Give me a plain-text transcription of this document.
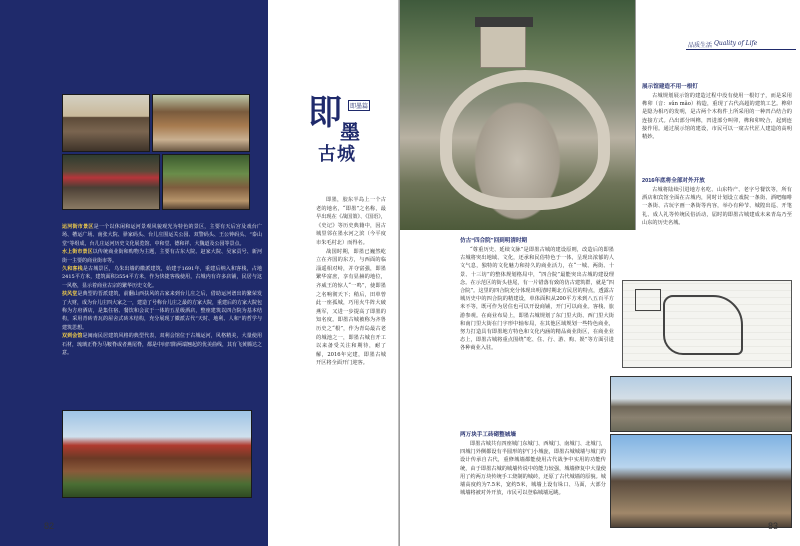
运河街市景区是一个以休闲和运河景观风貌观光为特色的景区，主要有天后宫及戏台广场、槽运广场、南张大院、驿家码头、台儿庄围运关公园、双警码头、王公钟码头、“泰山堂”等组成，台儿庄运河历史文化展览馆、中和堂、德和祥、大魏道及公园等景点。

水上街市景区以传统商业街和购物为主题，主要有古东大院、赵家大院、吴家贡号、新河街一主要的商业街市等。

久和客栈是古城景区，乌朱出墙的徽派建筑，始建于1691年，重建后纳入和客栈，占地2415平方米，建筑面积3554平方米，作为快捷客栈使用，古城内有许多店铺，民居与这一风格，显示着商业古宗的繁华历史文化。

扶风堂是典型的晋派建筑，前翻山西扶风的古家来到台儿庄之后，借助运河谱出的繁荣发了大财，成为台儿庄四大家之一，建造了号称台儿庄之最的方家大院，重建后的方家大院包称为方府酒店，是集住宿、餐饮和会议于一体的五星级酒店，整座建筑以四合院为基本结构，采用青砖青瓦的屋舍式砖木结构，充分展现了徽派古代“天时、地利、人和”的哲学与建筑思想。

双到会馆是闽南民居建筑风格的典型代表，双利会馆位于古城运河，风格精美，大量使用石材，琉璃正脊为马鞍脊或者燕尾脊，都是中间凹陷两端翘起的优美曲线，其有飞黄腾达之意。

即	即墨篇
墨
古城

即墨，胶东半岛上一个古老的地名，“即墨”之名称，最早出现在《战国策》、《国语》，《史记》等历史典籍中，因古城里邻在墨水河之滨（今平度市朱毛村北）而得名。

战国时期，即墨已巍然屹立在齐国的东方，与西面的临淄遥相对峙，并夺富强，即墨繁华富庶，享有显赫的地位，齐威王的惊人“一鸣”，使即墨之名响彻天下；稍后，田单曾此一座孤城，巧用火牛阵大破燕军，又进一步提高了即墨的知名度。即墨古城被称为齐鲁历史之“根”，作为青岛最古老的城池之一，即墨古城自开工以来备受关注和期待，耐了解，2016年完建，即墨古城开区将全面开门迎客。

82
品质生活 Quality of Life
展示馆建造不用一根钉

古城规划展示馆的建造过程中没有使用一根钉子，而是采用榫卯（音：sǔn mǎo）构造，重现了古代高超的建筑工艺。榫卯是隐为相巧的发明，是古两个木构件上所采用的一种凹凸结合的连接方式。凸出部分叫榫，凹进部分叫卯，榫和卯咬合，起到连接作用。通过展示馆的建设，市民可以一窥古代匠人建造的高明精妙。

2016年底将全部对外开放

古城将陆续引进地方名吃、山东特产、老字号餐饮等，所有酒店和宾馆全面在古城内，同时计划设立戏院一条街、酒吧咖啡一条街、古玩字画一条街等内容，举办有种节、城隍出巡、开笔礼、成人礼等传统民俗活动，届时的即墨古城建成未来青岛乃至山东的历史名城。

仿古“四合院”回到明清时期

“尊重历史、延续文脉”是即墨古城的建设原则，改造后的即墨古城将突出地域、文化，还承和民俗特色于一体，呈现出浓郁的人文气息，独特的文化魅力和持久的商业活力，在“一城、两街、十景、十三坊”的整体规划格局中，“四合院”最能突出古城的建设理念。在示范区的街头巷尾，有一片错落有致的仿古建筑群，就是“四合院”。这里的四合院充分体现出明清时期北方民居的特点，透露古城历史中的四合院的精建设，单体面积从200平方米到八五百平方米不等，既可作为居住也可以开设商铺，开门可以商业。客栈、旅游参观。在商业布局上，即墨古城规划了东门里大街、西门里大街和南门里大街在门字形中轴布局，在其他区域规划一些特色商业，努力打造具有即墨地方特色和文化内涵的精品商业街区，在商业业态上，即墨古城将重点围绕“吃、住、行、游、购、娱”等方面引进各种商业入驻。

两万块手工砖砌整城墙

即墨古城共有四座城门东城门、西城门、南城门、北城门，四城门外侧都设有半圆形的护门小城瓮，即墨古城城墙与城门的设计传承自古代，重修城墙都能使用古代战争中实用的功能传统，由于即墨古城的城墙传说中的能力较强，城墙修复中大量使用了约两万块传统手工烧制的城砖，还原了古代城墙的原貌。城墙高度约为7.5米，宽约5米，城墙上设有垛口、马面，大部分城墙将被对外开放，市民可以登临城墙远眺。

83
